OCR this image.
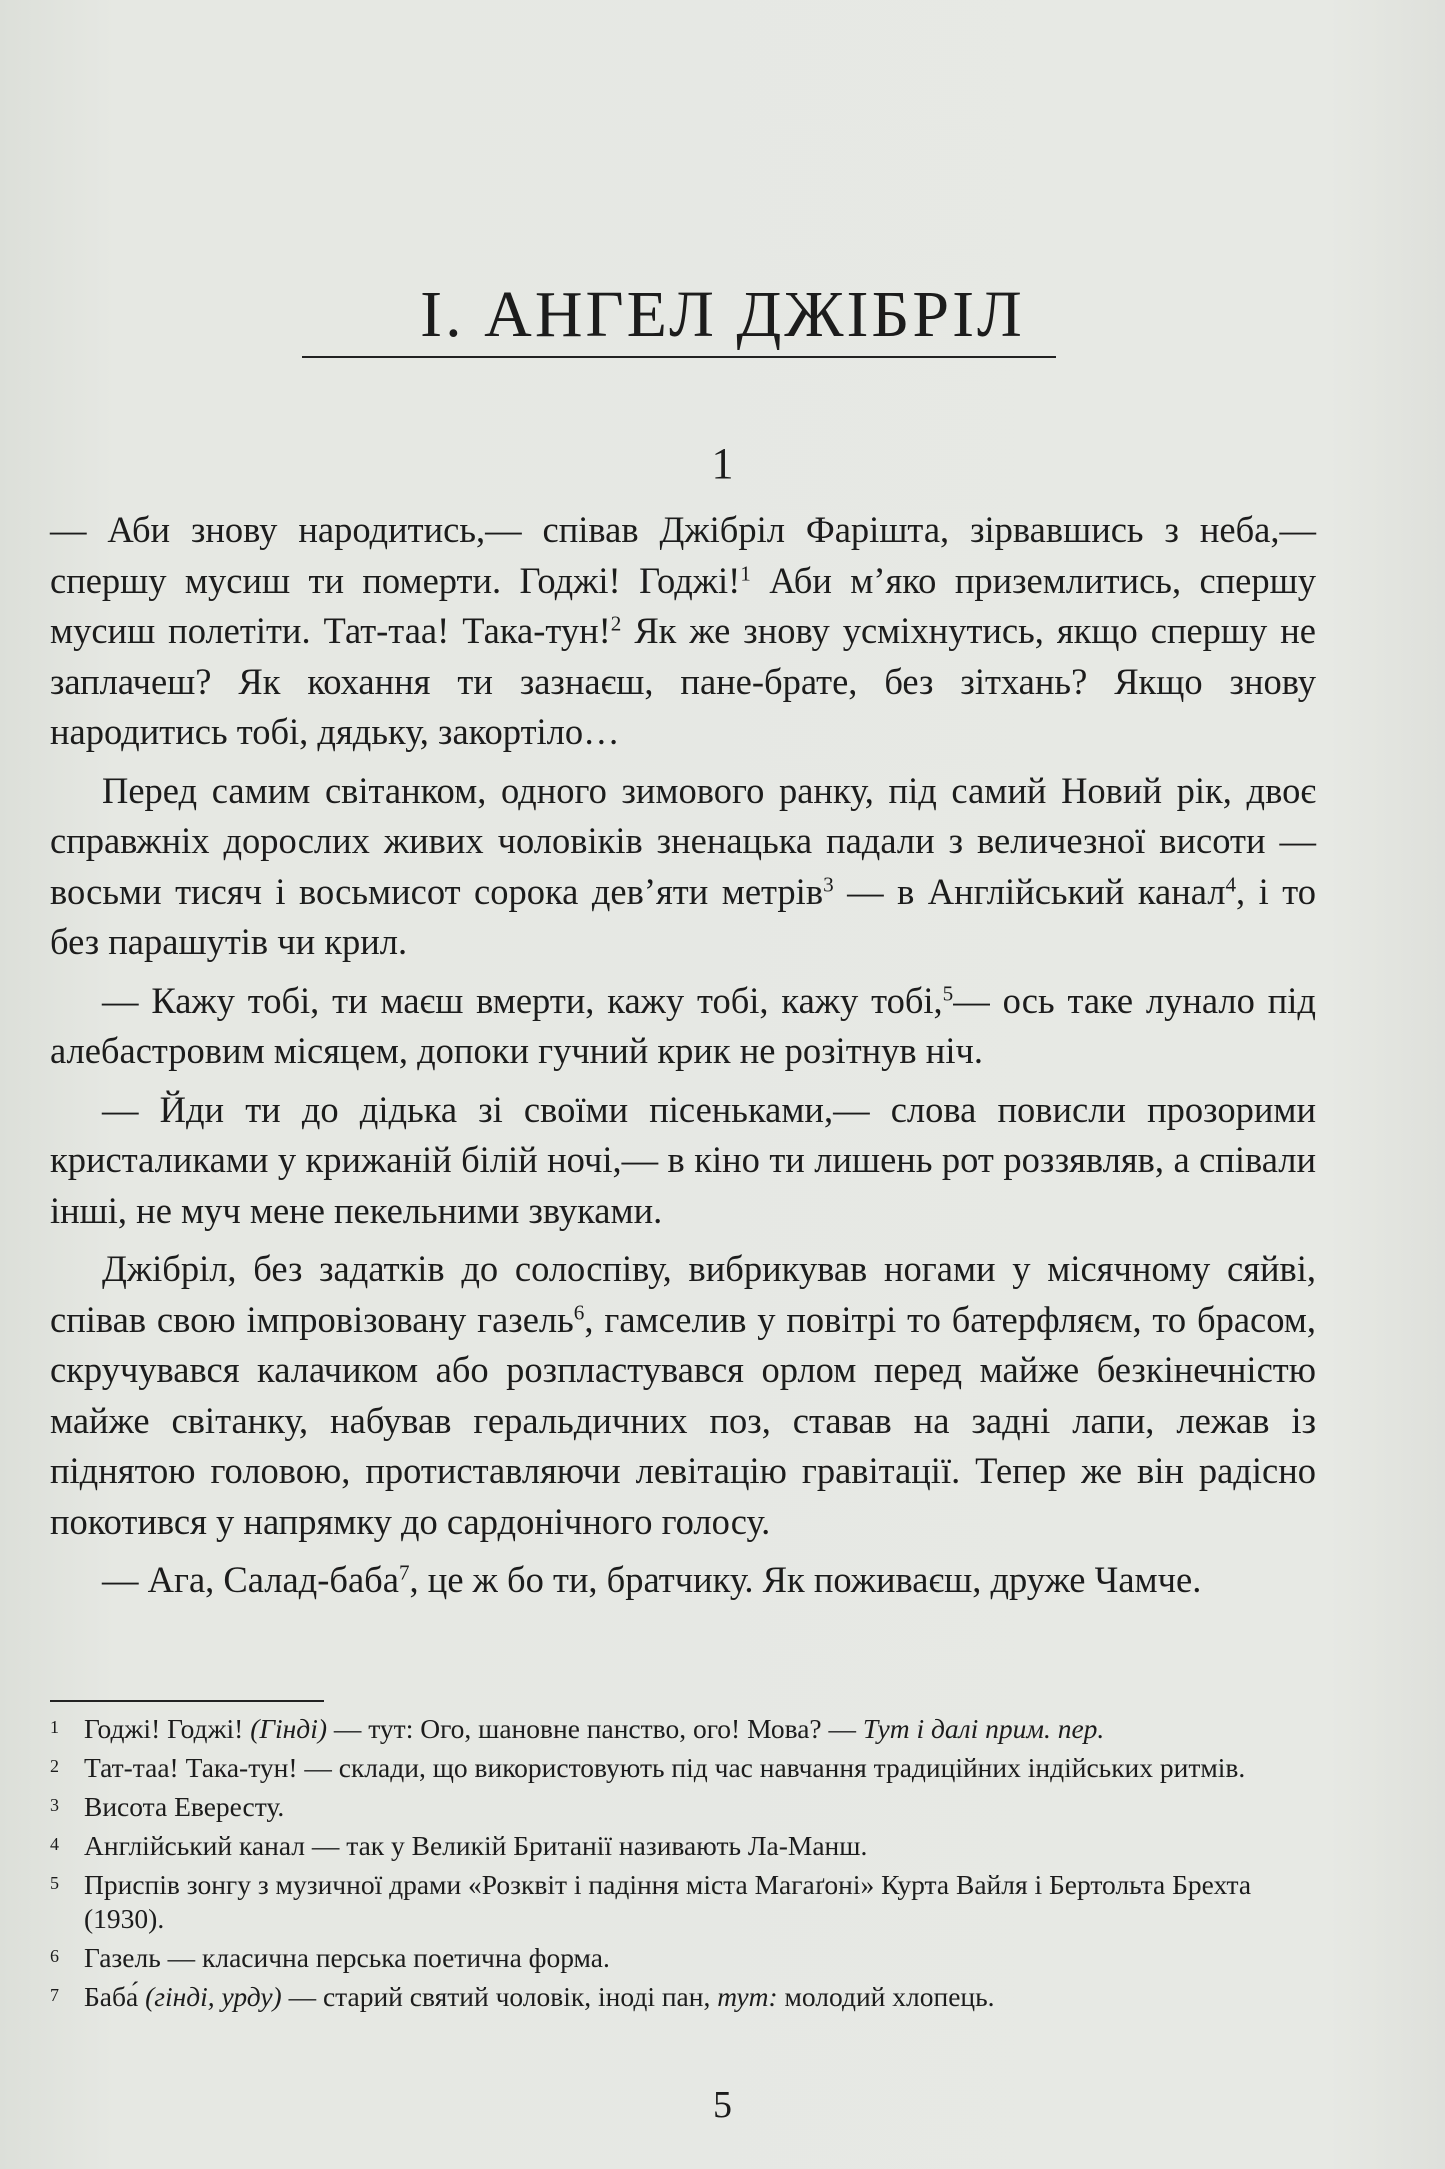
І. АНГЕЛ ДЖІБРІЛ
1

— Аби знову народитись,— співав Джібріл Фарішта, зірвавшись з неба,— спершу мусиш ти померти. Годжі! Годжі!$^1$ Аби м’яко приземлитись, спершу мусиш полетіти. Тат-таа! Така-тун!$^2$ Як же знову усміхнутись, якщо спершу не заплачеш? Як кохання ти зазнаєш, пане-брате, без зітхань? Якщо знову народитись тобі, дядьку, закортіло…

Перед самим світанком, одного зимового ранку, під самий Новий рік, двоє справжніх дорослих живих чоловіків зненацька падали з величезної висоти — восьми тисяч і восьмисот сорока дев’яти метрів$^3$ — в Англійський канал$^4$, і то без парашутів чи крил.

— Кажу тобі, ти маєш вмерти, кажу тобі, кажу тобі,$^5$— ось таке лунало під алебастровим місяцем, допоки гучний крик не розітнув ніч.

— Йди ти до дідька зі своїми пісеньками,— слова повисли прозорими кристаликами у крижаній білій ночі,— в кіно ти лишень рот роззявляв, а співали інші, не муч мене пекельними звуками.

Джібріл, без задатків до солоспіву, вибрикував ногами у місячному сяйві, співав свою імпровізовану газель$^6$, гамселив у повітрі то батерфляєм, то брасом, скручувався калачиком або розпластувався орлом перед майже безкінечністю майже світанку, набував геральдичних поз, ставав на задні лапи, лежав із піднятою головою, протиставляючи левітацію гравітації. Тепер же він радісно покотився у напрямку до сардонічного голосу.

— Ага, Салад-баба$^7$, це ж бо ти, братчику. Як поживаєш, друже Чамче.

1 Годжі! Годжі! (Гінді) — тут: Ого, шановне панство, ого! Мова? — Тут і далі прим. пер.
2 Тат-таа! Така-тун! — склади, що використовують під час навчання традиційних індійських ритмів.
3 Висота Евересту.
4 Англійський канал — так у Великій Британії називають Ла-Манш.
5 Приспів зонгу з музичної драми «Розквіт і падіння міста Магаґоні» Курта Вайля і Бертольта Брехта (1930).
6 Газель — класична перська поетична форма.
7 Баба́ (гінді, урду) — старий святий чоловік, іноді пан, тут: молодий хлопець.
5
